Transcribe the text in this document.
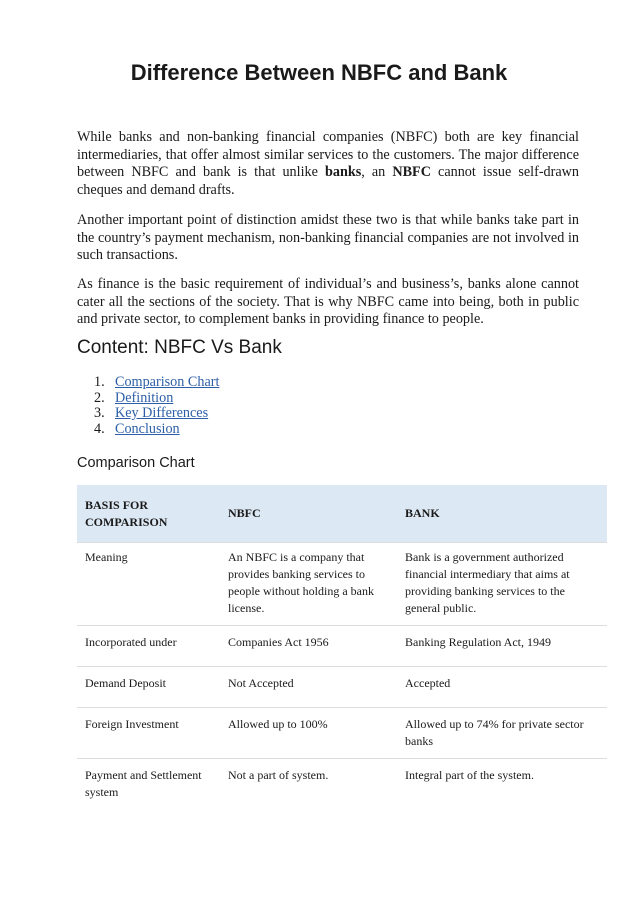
Difference Between NBFC and Bank

While banks and non-banking financial companies (NBFC) both are key financial intermediaries, that offer almost similar services to the customers. The major difference between NBFC and bank is that unlike banks, an NBFC cannot issue self-drawn cheques and demand drafts.

Another important point of distinction amidst these two is that while banks take part in the country’s payment mechanism, non-banking financial companies are not involved in such transactions.

As finance is the basic requirement of individual’s and business’s, banks alone cannot cater all the sections of the society. That is why NBFC came into being, both in public and private sector, to complement banks in providing finance to people.

Content: NBFC Vs Bank
1. Comparison Chart
2. Definition
3. Key Differences
4. Conclusion
Comparison Chart
BASIS FOR COMPARISON	NBFC	BANK
Meaning	An NBFC is a company that provides banking services to people without holding a bank license.	Bank is a government authorized financial intermediary that aims at providing banking services to the general public.
Incorporated under	Companies Act 1956	Banking Regulation Act, 1949
Demand Deposit	Not Accepted	Accepted
Foreign Investment	Allowed up to 100%	Allowed up to 74% for private sector banks
Payment and Settlement system	Not a part of system.	Integral part of the system.
